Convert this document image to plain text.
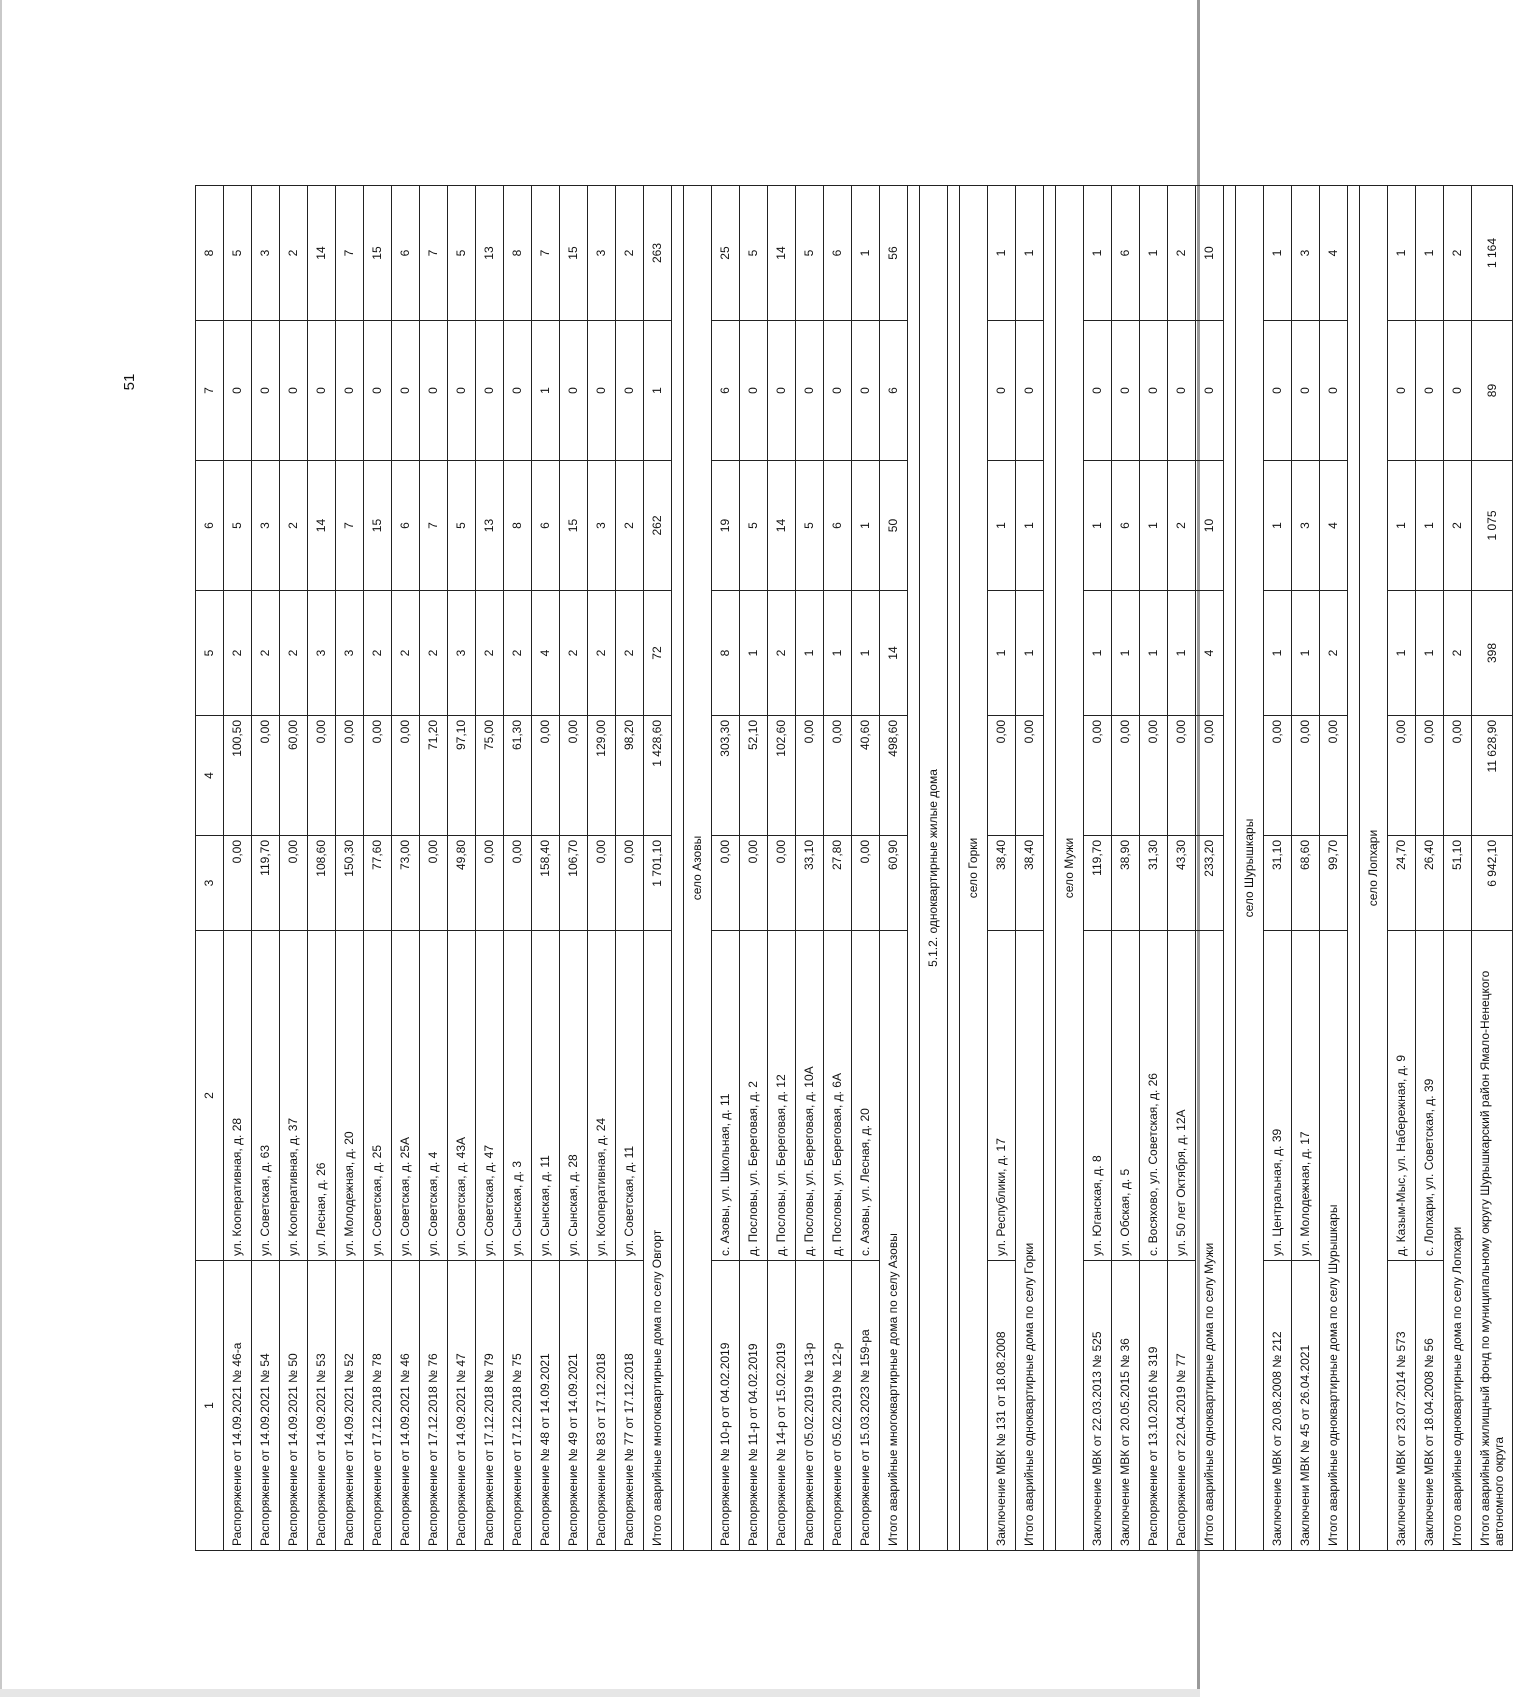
51
1	2	3	4	5	6	7	8
Распоряжение от 14.09.2021 № 46-а	ул. Кооперативная, д. 28	0,00	100,50	2	5	0	5
Распоряжение от 14.09.2021 № 54	ул. Советская, д. 63	119,70	0,00	2	3	0	3
Распоряжение от 14.09.2021 № 50	ул. Кооперативная, д. 37	0,00	60,00	2	2	0	2
Распоряжение от 14.09.2021 № 53	ул. Лесная, д. 26	108,60	0,00	3	14	0	14
Распоряжение от 14.09.2021 № 52	ул. Молодежная, д. 20	150,30	0,00	3	7	0	7
Распоряжение от 17.12.2018 № 78	ул. Советская, д. 25	77,60	0,00	2	15	0	15
Распоряжение от 14.09.2021 № 46	ул. Советская, д. 25А	73,00	0,00	2	6	0	6
Распоряжение от 17.12.2018 № 76	ул. Советская, д. 4	0,00	71,20	2	7	0	7
Распоряжение от 14.09.2021 № 47	ул. Советская, д. 43А	49,80	97,10	3	5	0	5
Распоряжение от 17.12.2018 № 79	ул. Советская, д. 47	0,00	75,00	2	13	0	13
Распоряжение от 17.12.2018 № 75	ул. Сынская, д. 3	0,00	61,30	2	8	0	8
Распоряжение № 48 от 14.09.2021	ул. Сынская, д. 11	158,40	0,00	4	6	1	7
Распоряжение № 49 от 14.09.2021	ул. Сынская, д. 28	106,70	0,00	2	15	0	15
Распоряжение № 83 от 17.12.2018	ул. Кооперативная, д. 24	0,00	129,00	2	3	0	3
Распоряжение № 77 от 17.12.2018	ул. Советская, д. 11	0,00	98,20	2	2	0	2
Итого аварийные многоквартирные дома по селу Овгорт		1 701,10	1 428,60	72	262	1	263

село Азовы							
Распоряжение № 10-р от 04.02.2019	с. Азовы, ул. Школьная, д. 11	0,00	303,30	8	19	6	25
Распоряжение № 11-р от 04.02.2019	д. Пословы, ул. Береговая, д. 2	0,00	52,10	1	5	0	5
Распоряжение № 14-р от 15.02.2019	д. Пословы, ул. Береговая, д. 12	0,00	102,60	2	14	0	14
Распоряжение от 05.02.2019 № 13-р	д. Пословы, ул. Береговая, д. 10А	33,10	0,00	1	5	0	5
Распоряжение от 05.02.2019 № 12-р	д. Пословы, ул. Береговая, д. 6А	27,80	0,00	1	6	0	6
Распоряжение от 15.03.2023 № 159-ра	с. Азовы, ул. Лесная, д. 20	0,00	40,60	1	1	0	1
Итого аварийные многоквартирные дома по селу Азовы		60,90	498,60	14	50	6	56

5.1.2. одноквартирные жилые дома							

село Горки							
Заключение МВК № 131 от 18.08.2008	ул. Республики, д. 17	38,40	0,00	1	1	0	1
Итого аварийные одноквартирные дома по селу Горки		38,40	0,00	1	1	0	1

село Мужи							
Заключение МВК от 22.03.2013 № 525	ул. Юганская, д. 8	119,70	0,00	1	1	0	1
Заключение МВК от 20.05.2015 № 36	ул. Обская, д. 5	38,90	0,00	1	6	0	6
Распоряжение от 13.10.2016 № 319	с. Восяхово, ул. Советская, д. 26	31,30	0,00	1	1	0	1
Распоряжение от 22.04.2019 № 77	ул. 50 лет Октября, д. 12А	43,30	0,00	1	2	0	2
Итого аварийные одноквартирные дома по селу Мужи		233,20	0,00	4	10	0	10

село Шурышкары							
Заключение МВК от 20.08.2008 № 212	ул. Центральная, д. 39	31,10	0,00	1	1	0	1
Заключени МВК № 45 от 26.04.2021	ул. Молодежная, д. 17	68,60	0,00	1	3	0	3
Итого аварийные одноквартирные дома по селу Шурышкары		99,70	0,00	2	4	0	4

село Лопхари							
Заключение МВК от 23.07.2014 № 573	д. Казым-Мыс, ул. Набережная, д. 9	24,70	0,00	1	1	0	1
Заключение МВК от 18.04.2008 № 56	с. Лопхари, ул. Советская, д. 39	26,40	0,00	1	1	0	1
Итого аварийные одноквартирные дома по селу Лопхари		51,10	0,00	2	2	0	2
Итого аварийный жилищный фонд по муниципальному округу Шурышкарский район Ямало-Ненецкого автономного округа		6 942,10	11 628,90	398	1 075	89	1 164
